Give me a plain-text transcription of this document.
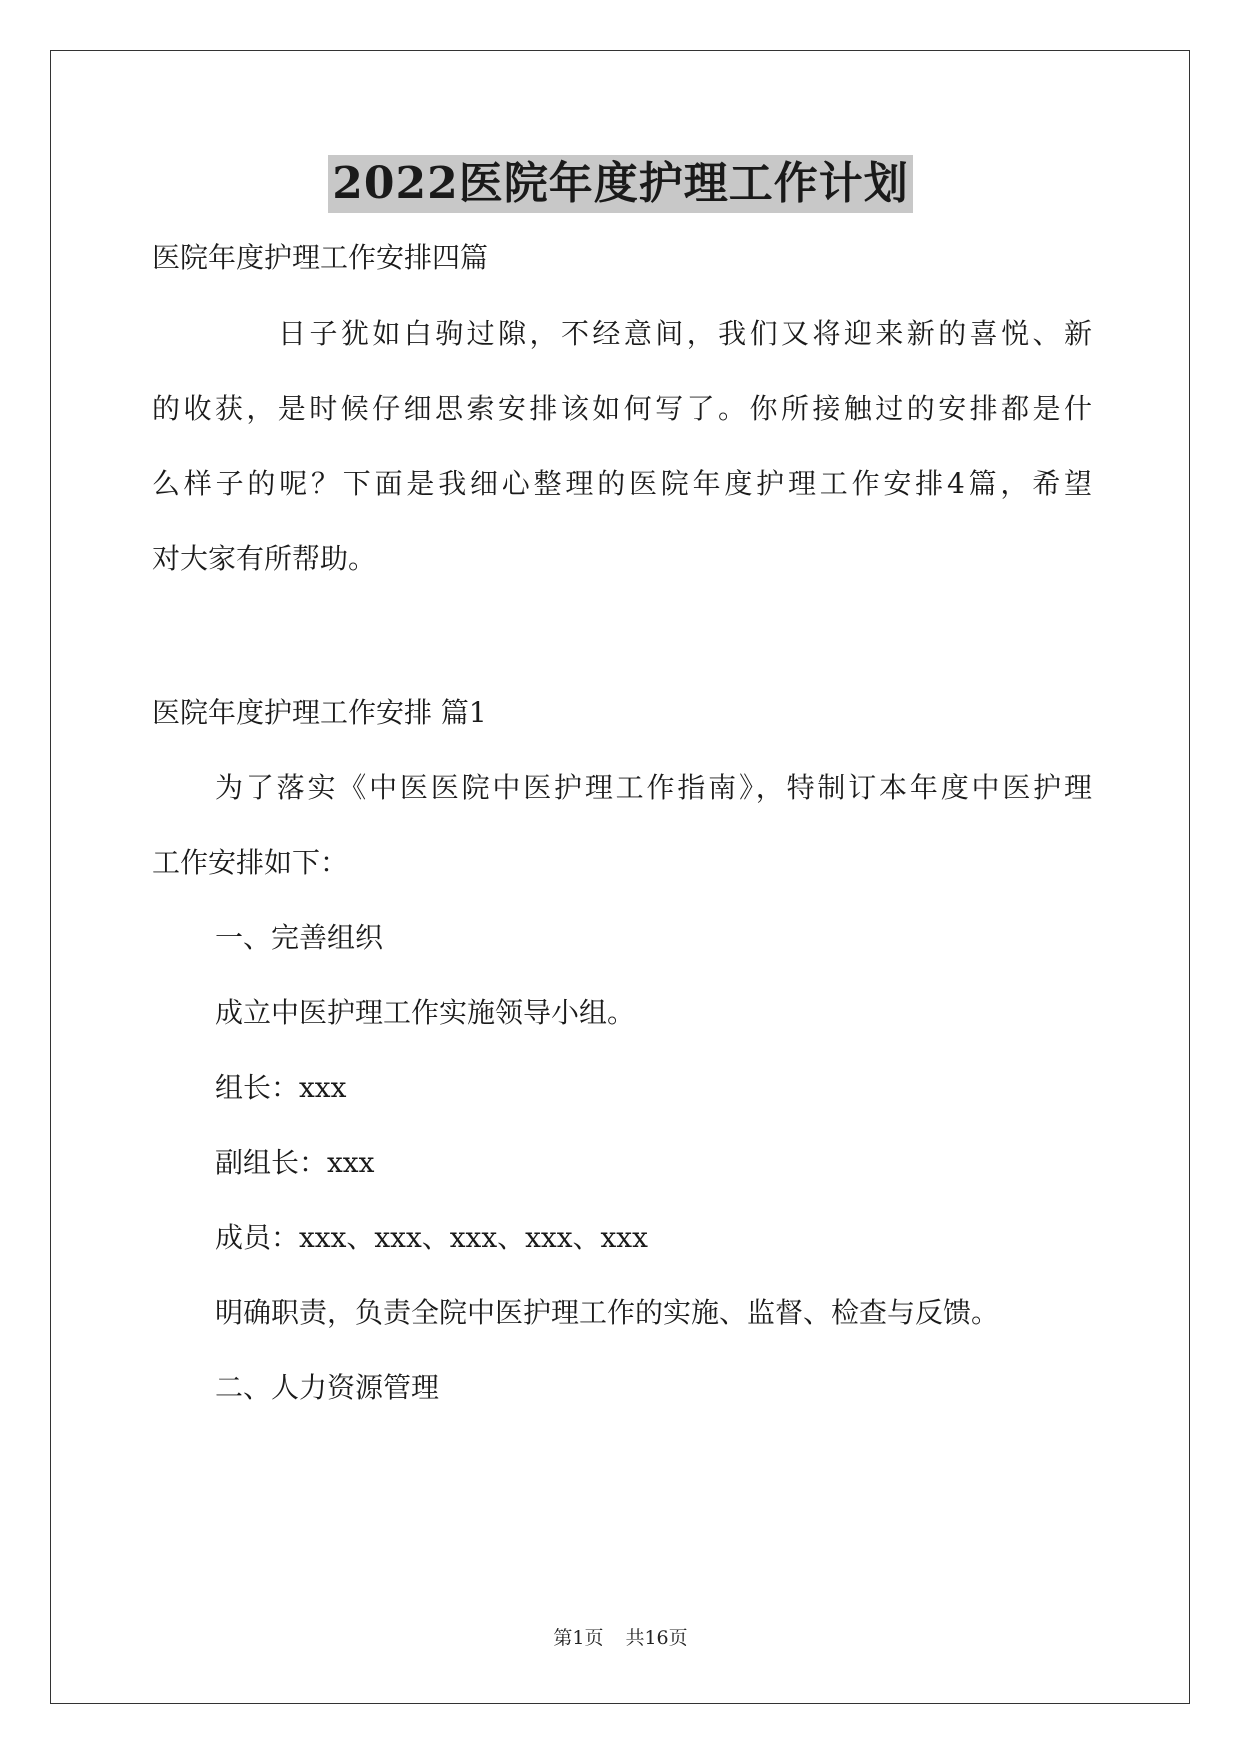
2022医院年度护理工作计划

医院年度护理工作安排四篇

日子犹如白驹过隙，不经意间，我们又将迎来新的喜悦、新

的收获，是时候仔细思索安排该如何写了。你所接触过的安排都是什

么样子的呢？下面是我细心整理的医院年度护理工作安排4篇，希望

对大家有所帮助。

医院年度护理工作安排 篇1

为了落实《中医医院中医护理工作指南》，特制订本年度中医护理

工作安排如下：

一、完善组织

成立中医护理工作实施领导小组。

组长：xxx

副组长：xxx

成员：xxx、xxx、xxx、xxx、xxx

明确职责，负责全院中医护理工作的实施、监督、检查与反馈。

二、人力资源管理

第1页 共16页
